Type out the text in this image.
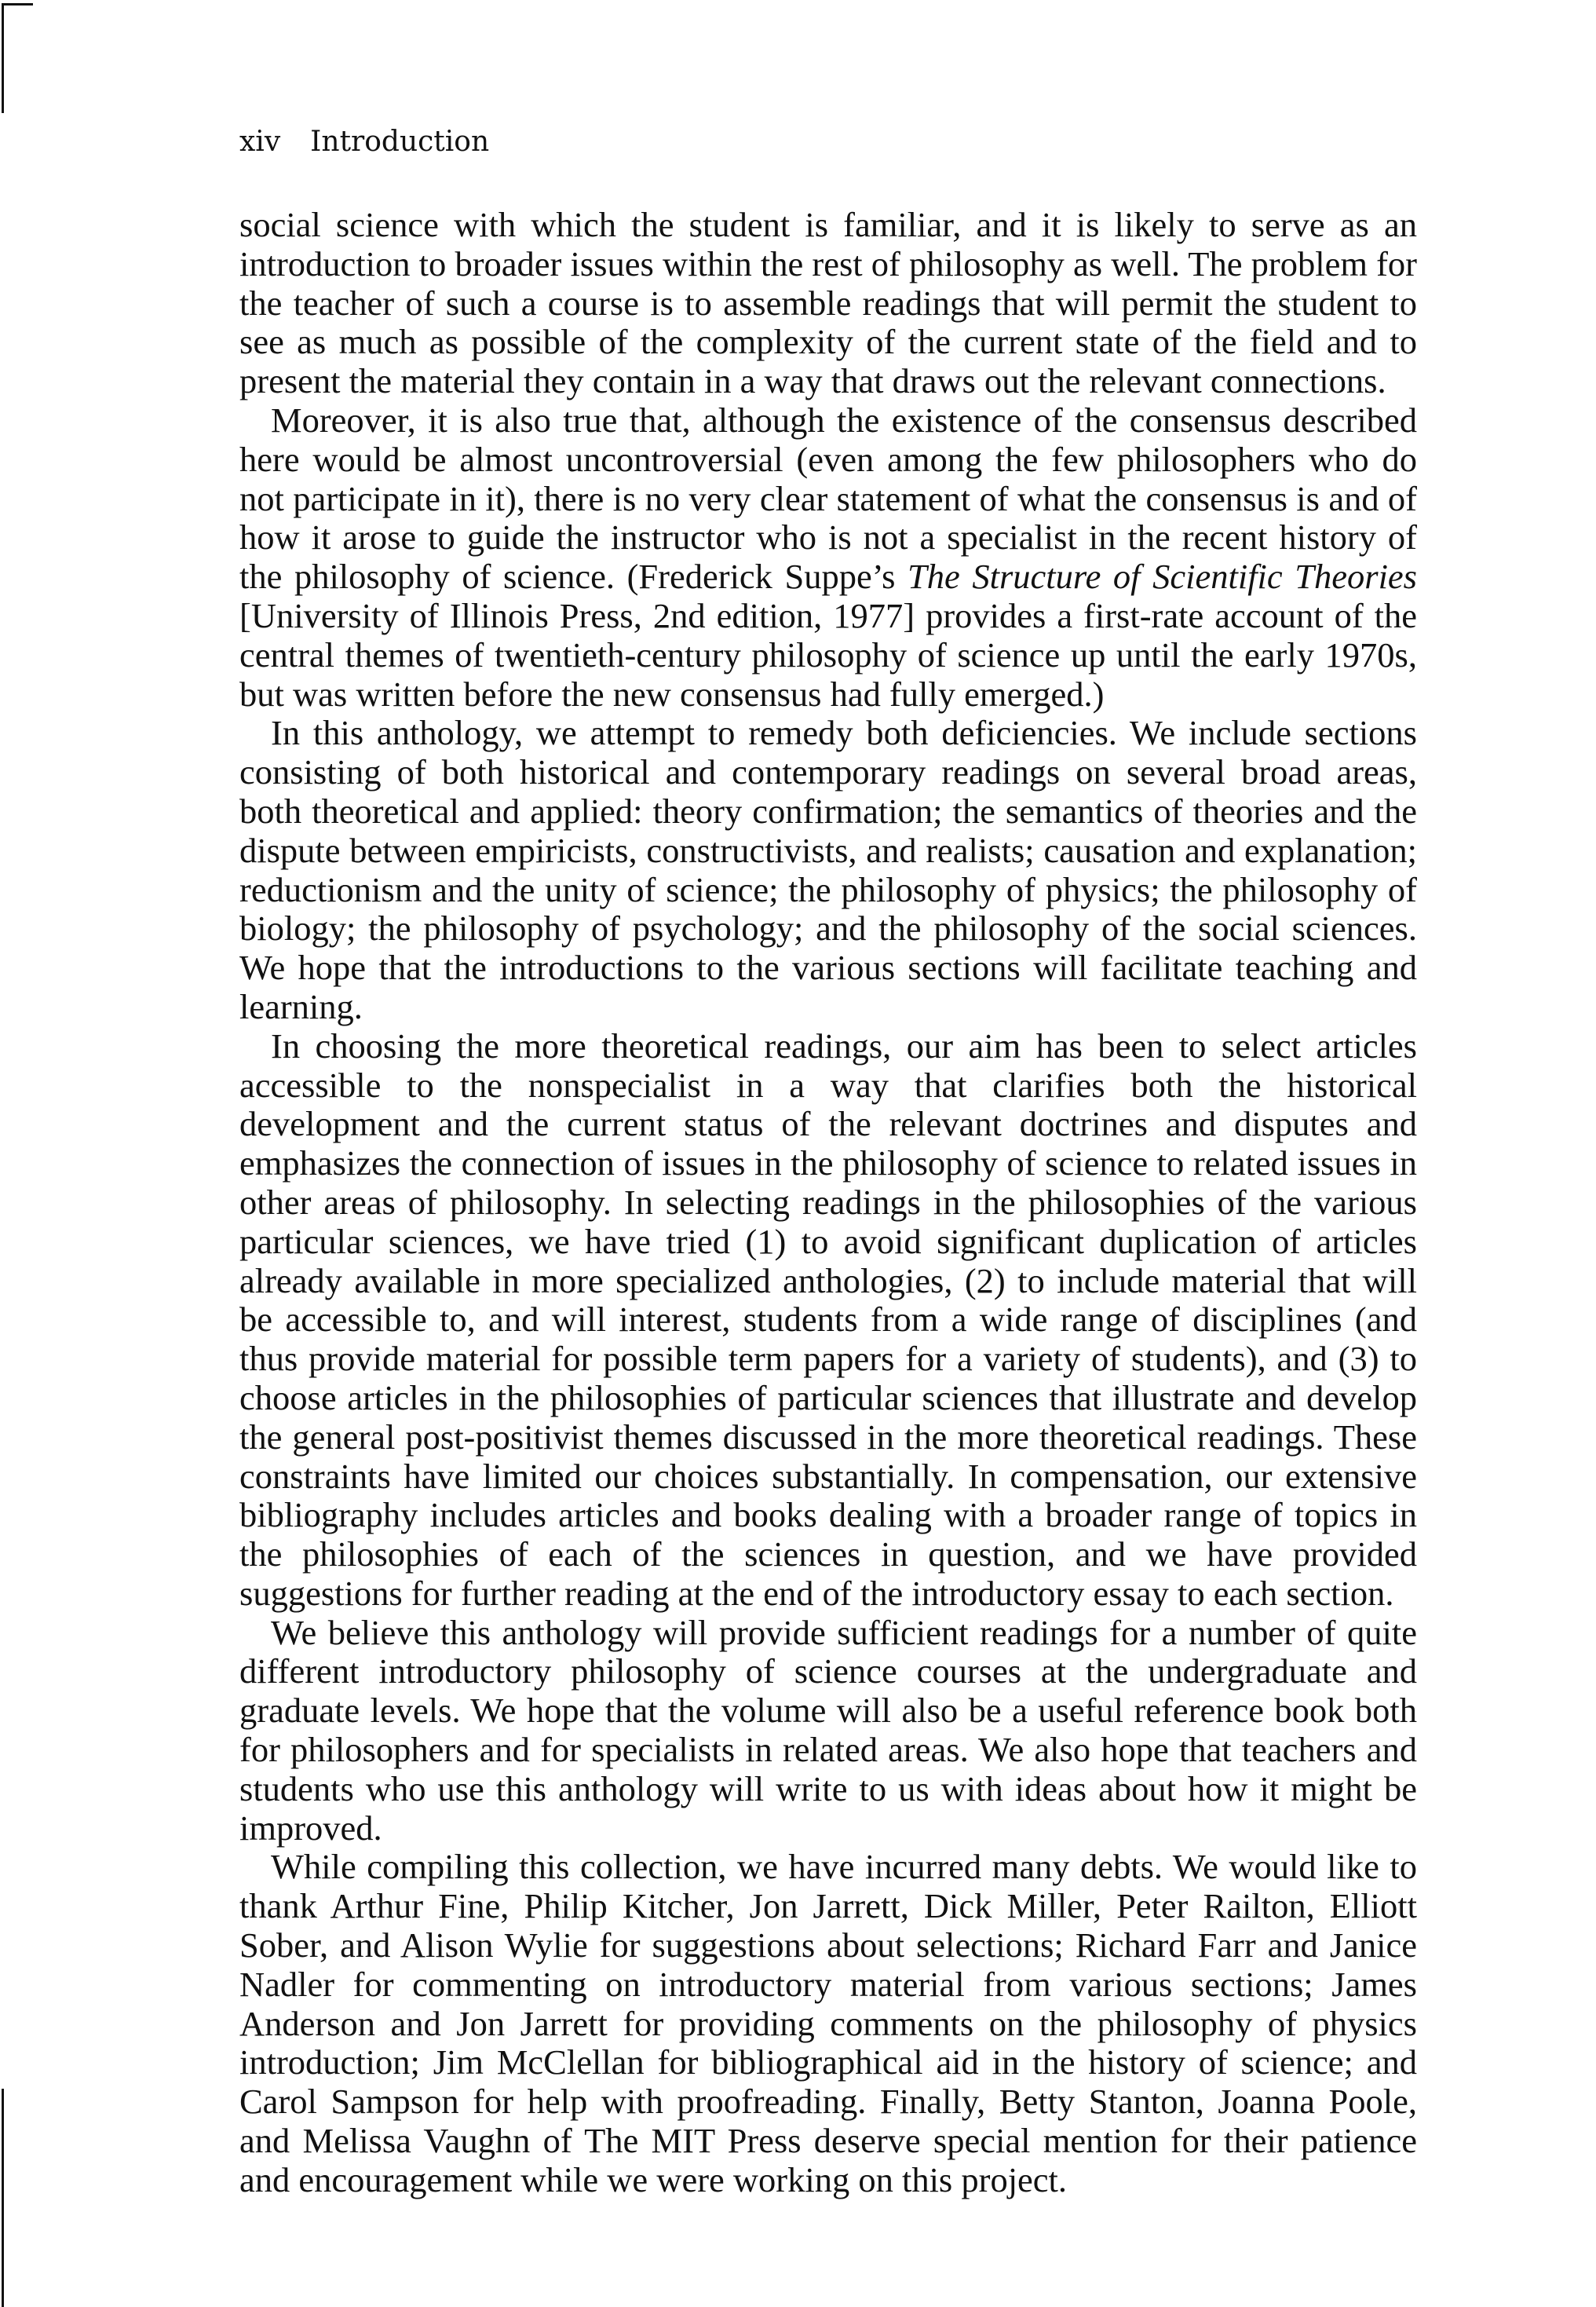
xiv Introduction

social science with which the student is familiar, and it is likely to serve as an introduction to broader issues within the rest of philosophy as well. The problem for the teacher of such a course is to assemble readings that will permit the student to see as much as possible of the complexity of the current state of the field and to present the material they contain in a way that draws out the relevant connections.

Moreover, it is also true that, although the existence of the consensus described here would be almost uncontroversial (even among the few philosophers who do not participate in it), there is no very clear statement of what the consensus is and of how it arose to guide the instructor who is not a specialist in the recent history of the philosophy of science. (Frederick Suppe’s The Structure of Scientific Theories [University of Illinois Press, 2nd edition, 1977] provides a first-rate account of the central themes of twentieth-century philosophy of science up until the early 1970s, but was written before the new consensus had fully emerged.)

In this anthology, we attempt to remedy both deficiencies. We include sections consisting of both historical and contemporary readings on several broad areas, both theoretical and applied: theory confirmation; the semantics of theories and the dispute between empiricists, constructivists, and realists; causation and explanation; reductionism and the unity of science; the philosophy of physics; the philosophy of biology; the philosophy of psychology; and the philosophy of the social sciences. We hope that the introductions to the various sections will facilitate teaching and learning.

In choosing the more theoretical readings, our aim has been to select articles accessible to the nonspecialist in a way that clarifies both the historical development and the current status of the relevant doctrines and disputes and emphasizes the connection of issues in the philosophy of science to related issues in other areas of philosophy. In selecting readings in the philosophies of the various particular sciences, we have tried (1) to avoid significant duplication of articles already available in more specialized anthologies, (2) to include material that will be accessible to, and will interest, students from a wide range of disciplines (and thus provide material for possible term papers for a variety of students), and (3) to choose articles in the philosophies of particular sciences that illustrate and develop the general post-positivist themes discussed in the more theoretical readings. These constraints have limited our choices substantially. In compensation, our extensive bibliography includes articles and books dealing with a broader range of topics in the philosophies of each of the sciences in question, and we have provided suggestions for further reading at the end of the introductory essay to each section.

We believe this anthology will provide sufficient readings for a number of quite different introductory philosophy of science courses at the undergraduate and graduate levels. We hope that the volume will also be a useful reference book both for philosophers and for specialists in related areas. We also hope that teachers and students who use this anthology will write to us with ideas about how it might be improved.

While compiling this collection, we have incurred many debts. We would like to thank Arthur Fine, Philip Kitcher, Jon Jarrett, Dick Miller, Peter Railton, Elliott Sober, and Alison Wylie for suggestions about selections; Richard Farr and Janice Nadler for commenting on introductory material from various sections; James Anderson and Jon Jarrett for providing comments on the philosophy of physics introduction; Jim McClellan for bibliographical aid in the history of science; and Carol Sampson for help with proofreading. Finally, Betty Stanton, Joanna Poole, and Melissa Vaughn of The MIT Press deserve special mention for their patience and encouragement while we were working on this project.
